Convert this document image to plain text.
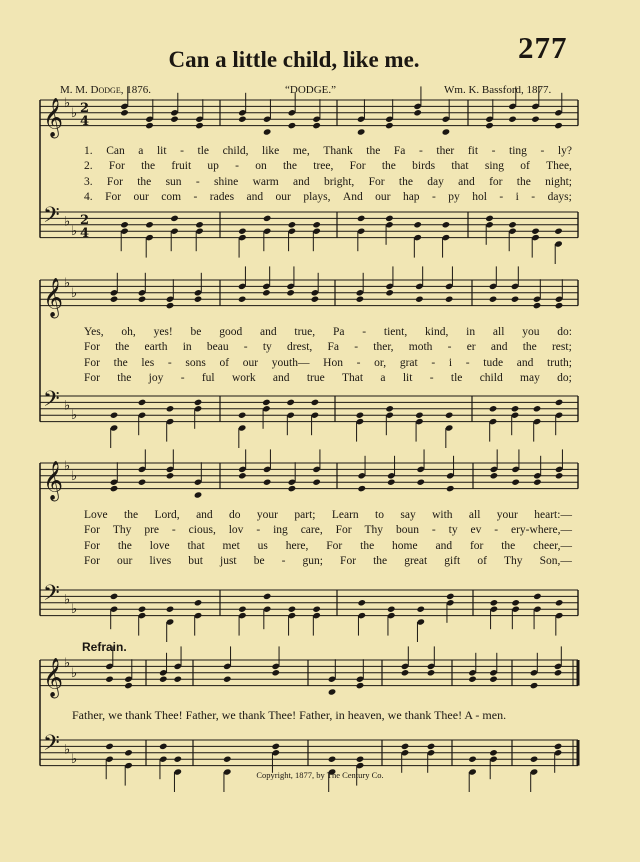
277
Can a little child, like me.
M. M. Dodge, 1876.	“DODGE.”	Wm. K. Bassford, 1877.
𝄞 ♭
♭ 2
4
𝄢 ♭
♭
2
4
𝄞 ♭
♭
𝄢 ♭
♭
𝄞 ♭
♭
𝄢 ♭
♭
𝄞 ♭
♭
𝄢 ♭
♭
1. Can a lit - tle child, like me, Thank the Fa - ther fit - ting - ly?
2. For the fruit up - on the tree, For the birds that sing of Thee,
3. For the sun - shine warm and bright, For the day and for the night;
4. For our com - rades and our plays, And our hap - py hol - i - days;
Yes, oh, yes! be good and true, Pa - tient, kind, in all you do:
For the earth in beau - ty drest, Fa - ther, moth - er and the rest;
For the les - sons of our youth— Hon - or, grat - i - tude and truth;
For the joy - ful work and true That a lit - tle child may do;
Love the Lord, and do your part; Learn to say with all your heart:—
For Thy pre - cious, lov - ing care, For Thy boun - ty ev - ery-where,—
For the love that met us here, For the home and for the cheer,—
For our lives but just be - gun; For the great gift of Thy Son,—
Refrain.
Father, we thank Thee! Father, we thank Thee! Father, in heaven, we thank Thee! A - men.
Copyright, 1877, by The Century Co.
